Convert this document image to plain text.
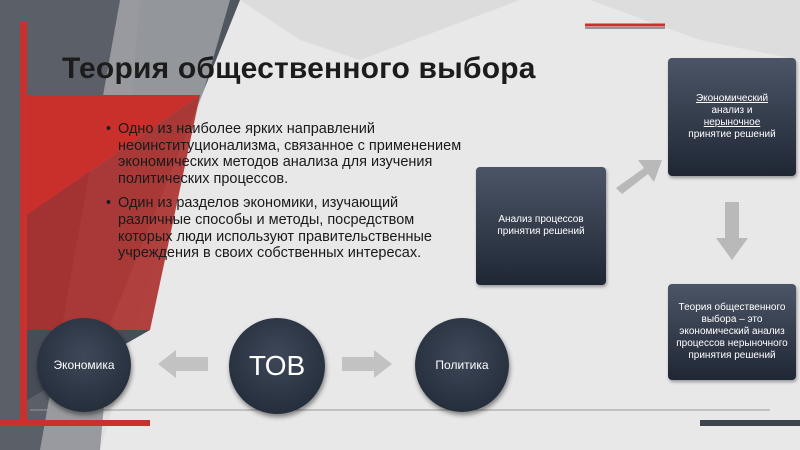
Теория общественного выбора
• Одно из наиболее ярких направлений неоинституционализма, связанное с применением экономических методов анализа для изучения политических процессов.
• Один из разделов экономики, изучающий различные способы и методы, посредством которых люди используют правительственные учреждения в своих собственных интересах.
Экономический
анализ и
нерыночное
принятие решений
Анализ процессов принятия решений
Теория общественного выбора – это экономический анализ процессов нерыночного принятия решений
Экономика	ТОВ	Политика
